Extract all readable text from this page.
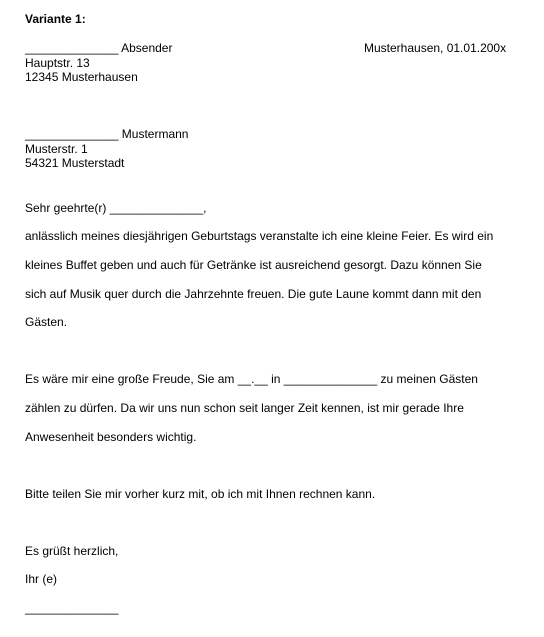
Variante 1:
______________ Absender	Musterhausen, 01.01.200x
Hauptstr. 13
12345 Musterhausen
______________ Mustermann
Musterstr. 1
54321 Musterstadt
Sehr geehrte(r) ______________,
anlässlich meines diesjährigen Geburtstags veranstalte ich eine kleine Feier. Es wird ein
kleines Buffet geben und auch für Getränke ist ausreichend gesorgt. Dazu können Sie
sich auf Musik quer durch die Jahrzehnte freuen. Die gute Laune kommt dann mit den
Gästen.
Es wäre mir eine große Freude, Sie am __.__ in ______________ zu meinen Gästen
zählen zu dürfen. Da wir uns nun schon seit langer Zeit kennen, ist mir gerade Ihre
Anwesenheit besonders wichtig.
Bitte teilen Sie mir vorher kurz mit, ob ich mit Ihnen rechnen kann.
Es grüßt herzlich,
Ihr (e)
______________
